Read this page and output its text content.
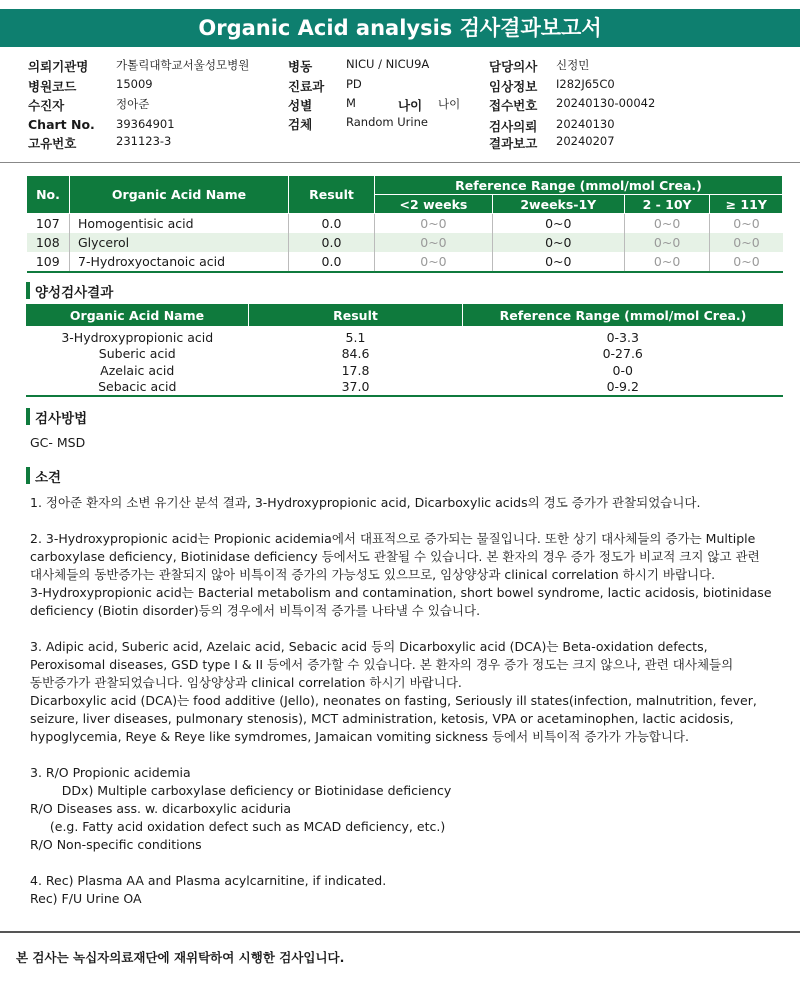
Organic Acid analysis 검사결과보고서
의뢰기관명 가톨릭대학교서울성모병원
병원코드	15009
수진자	정아준
Chart No. 39364901
고유번호	231123-3
병동	NICU / NICU9A
진료과 PD
성별	M	나이 나이
검체	Random Urine
담당의사 신정민
임상정보 I282J65C0
접수번호 20240130-00042
검사의뢰 20240130
결과보고 20240207
No.	Organic Acid Name	Result	Reference Range (mmol/mol Crea.)			
			<2 weeks	2weeks-1Y	2 - 10Y	≥ 11Y
107	Homogentisic acid	0.0	0~0	0~0	0~0	0~0
108	Glycerol	0.0	0~0	0~0	0~0	0~0
109	7-Hydroxyoctanoic acid	0.0	0~0	0~0	0~0	0~0
양성검사결과
Organic Acid Name	Result	Reference Range (mmol/mol Crea.)
3-Hydroxypropionic acid	5.1	0-3.3
Suberic acid	84.6	0-27.6
Azelaic acid	17.8	0-0
Sebacic acid	37.0	0-9.2
검사방법
GC- MSD
소견

1. 정아준 환자의 소변 유기산 분석 결과, 3-Hydroxypropionic acid, Dicarboxylic acids의 경도 증가가 관찰되었습니다.

2. 3-Hydroxypropionic acid는 Propionic acidemia에서 대표적으로 증가되는 물질입니다. 또한 상기 대사체들의 증가는 Multiple
carboxylase deficiency, Biotinidase deficiency 등에서도 관찰될 수 있습니다. 본 환자의 경우 증가 정도가 비교적 크지 않고 관련
대사체들의 동반증가는 관찰되지 않아 비특이적 증가의 가능성도 있으므로, 임상양상과 clinical correlation 하시기 바랍니다.
3-Hydroxypropionic acid는 Bacterial metabolism and contamination, short bowel syndrome, lactic acidosis, biotinidase
deficiency (Biotin disorder)등의 경우에서 비특이적 증가를 나타낼 수 있습니다.

3. Adipic acid, Suberic acid, Azelaic acid, Sebacic acid 등의 Dicarboxylic acid (DCA)는 Beta-oxidation defects,
Peroxisomal diseases, GSD type I & II 등에서 증가할 수 있습니다. 본 환자의 경우 증가 정도는 크지 않으나, 관련 대사체들의
동반증가가 관찰되었습니다. 임상양상과 clinical correlation 하시기 바랍니다.
Dicarboxylic acid (DCA)는 food additive (Jello), neonates on fasting, Seriously ill states(infection, malnutrition, fever,
seizure, liver diseases, pulmonary stenosis), MCT administration, ketosis, VPA or acetaminophen, lactic acidosis,
hypoglycemia, Reye & Reye like symdromes, Jamaican vomiting sickness 등에서 비특이적 증가가 가능합니다.

3. R/O Propionic acidemia
DDx) Multiple carboxylase deficiency or Biotinidase deficiency
R/O Diseases ass. w. dicarboxylic aciduria
(e.g. Fatty acid oxidation defect such as MCAD deficiency, etc.)
R/O Non-specific conditions

4. Rec) Plasma AA and Plasma acylcarnitine, if indicated.
Rec) F/U Urine OA

본 검사는 녹십자의료재단에 재위탁하여 시행한 검사입니다.
